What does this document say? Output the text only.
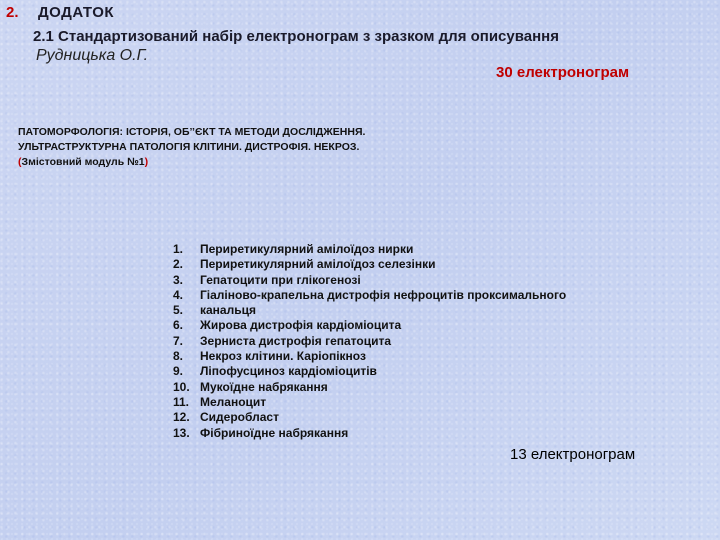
2. ДОДАТОК
2.1 Стандартизований набір електронограм з зразком для описування
Рудницька О.Г.
30 електронограм
ПАТОМОРФОЛОГІЯ: ІСТОРІЯ, ОБ’’ЄКТ ТА МЕТОДИ ДОСЛІДЖЕННЯ.
УЛЬТРАСТРУКТУРНА ПАТОЛОГІЯ КЛІТИНИ. ДИСТРОФІЯ. НЕКРОЗ.
(Змістовний модуль №1)
1.	Периретикулярний амілоїдоз нирки
2.	Периретикулярний амілоїдоз селезінки
3.	Гепатоцити при глікогенозі
4.	Гіаліново-крапельна дистрофія нефроцитів проксимального
5.	канальця
6.	Жирова дистрофія кардіоміоцита
7.	Зерниста дистрофія гепатоцита
8.	Некроз клітини. Каріопікноз
9.	Ліпофусциноз кардіоміоцитів
10. Мукоїдне набрякання
11. Меланоцит
12. Сидеробласт
13. Фібриноїдне набрякання
13 електронограм
